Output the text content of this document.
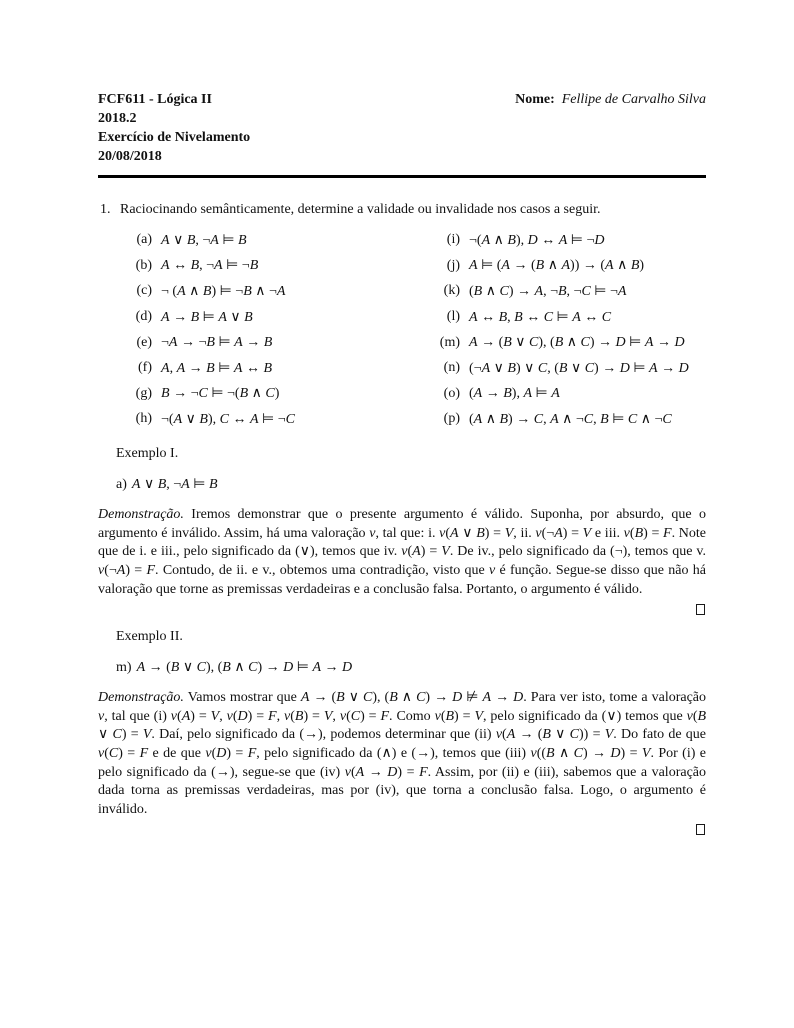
FCF611 - Lógica II
2018.2
Exercício de Nivelamento
20/08/2018
Nome: Fellipe de Carvalho Silva
1. Raciocinando semânticamente, determine a validade ou invalidade nos casos a seguir.
(a) A ∨ B, ¬A ⊨ B
(b) A ↔ B, ¬A ⊨ ¬B
(c) ¬ (A ∧ B) ⊨ ¬B ∧ ¬A
(d) A → B ⊨ A ∨ B
(e) ¬A → ¬B ⊨ A → B
(f) A, A → B ⊨ A ↔ B
(g) B → ¬C ⊨ ¬(B ∧ C)
(h) ¬(A ∨ B), C ↔ A ⊨ ¬C
(i) ¬(A ∧ B), D ↔ A ⊨ ¬D
(j) A ⊨ (A → (B ∧ A)) → (A ∧ B)
(k) (B ∧ C) → A, ¬B, ¬C ⊨ ¬A
(l) A ↔ B, B ↔ C ⊨ A ↔ C
(m) A → (B ∨ C), (B ∧ C) → D ⊨ A → D
(n) (¬A ∨ B) ∨ C, (B ∨ C) → D ⊨ A → D
(o) (A → B), A ⊨ A
(p) (A ∧ B) → C, A ∧ ¬C, B ⊨ C ∧ ¬C
Exemplo I.
a) A ∨ B, ¬A ⊨ B
Demonstração. Iremos demonstrar que o presente argumento é válido. Suponha, por absurdo, que o argumento é inválido. Assim, há uma valoração v, tal que: i. v(A ∨ B) = V, ii. v(¬A) = V e iii. v(B) = F. Note que de i. e iii., pelo significado da (∨), temos que iv. v(A) = V. De iv., pelo significado da (¬), temos que v. v(¬A) = F. Contudo, de ii. e v., obtemos uma contradição, visto que v é função. Segue-se disso que não há valoração que torne as premissas verdadeiras e a conclusão falsa. Portanto, o argumento é válido.
Exemplo II.
m) A → (B ∨ C), (B ∧ C) → D ⊨ A → D
Demonstração. Vamos mostrar que A → (B ∨ C), (B ∧ C) → D ⊭ A → D. Para ver isto, tome a valoração v, tal que (i) v(A) = V, v(D) = F, v(B) = V, v(C) = F. Como v(B) = V, pelo significado da (∨) temos que v(B ∨ C) = V. Daí, pelo significado da (→), podemos determinar que (ii) v(A → (B ∨ C)) = V. Do fato de que v(C) = F e de que v(D) = F, pelo significado da (∧) e (→), temos que (iii) v((B ∧ C) → D) = V. Por (i) e pelo significado da (→), segue-se que (iv) v(A → D) = F. Assim, por (ii) e (iii), sabemos que a valoração dada torna as premissas verdadeiras, mas por (iv), que torna a conclusão falsa. Logo, o argumento é inválido.
